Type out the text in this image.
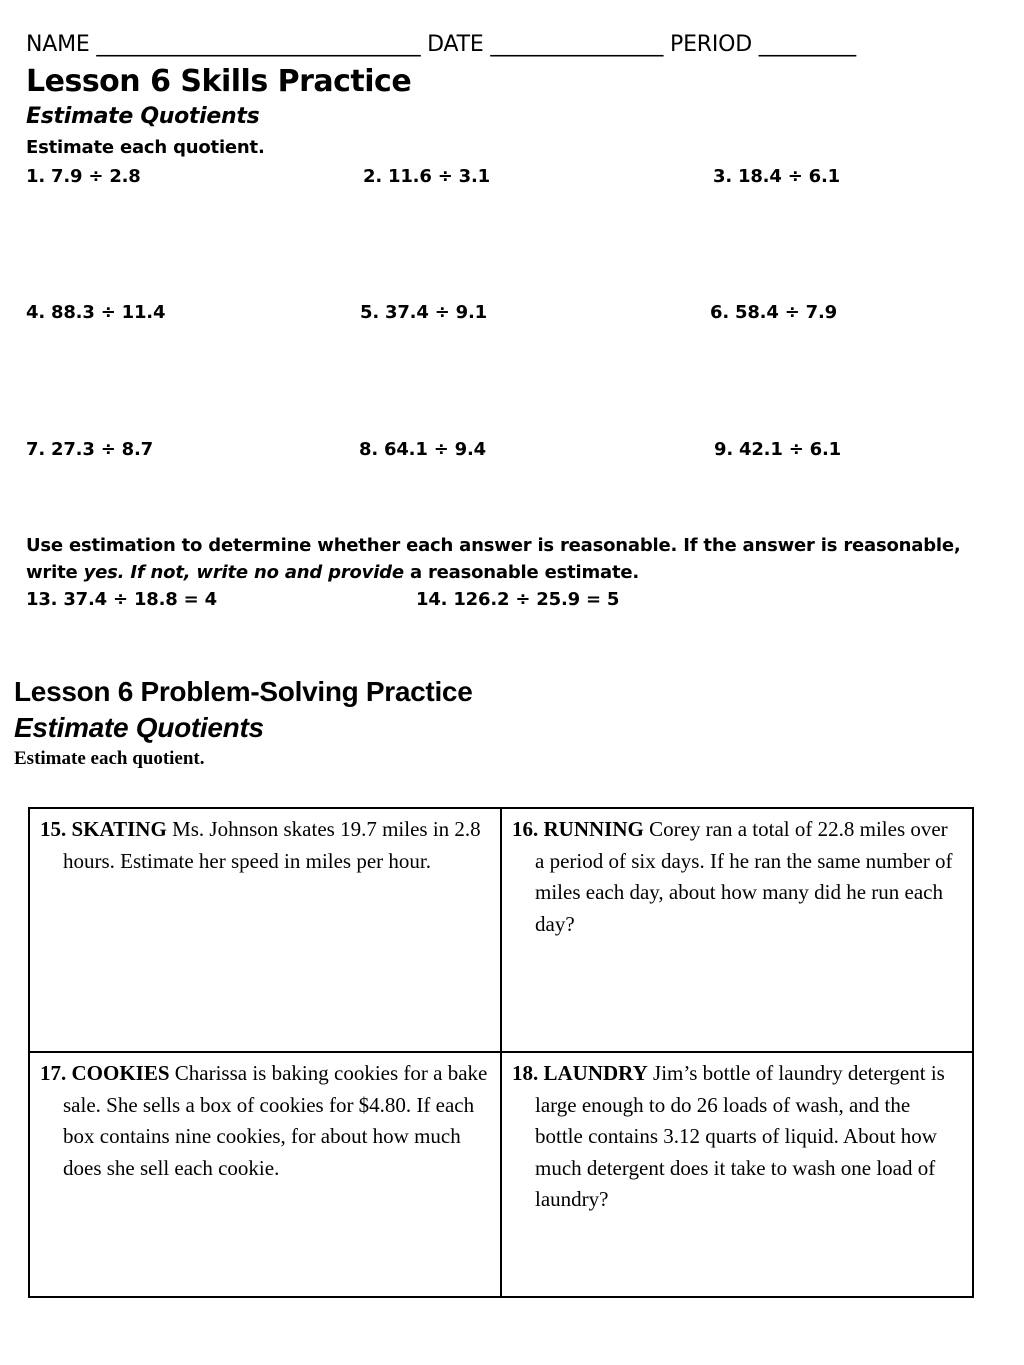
NAME ______________________________ DATE ________________ PERIOD _________
Lesson 6 Skills Practice
Estimate Quotients
Estimate each quotient.
1. 7.9 ÷ 2.8	2. 11.6 ÷ 3.1	3. 18.4 ÷ 6.1
4. 88.3 ÷ 11.4	5. 37.4 ÷ 9.1	6. 58.4 ÷ 7.9
7. 27.3 ÷ 8.7	8. 64.1 ÷ 9.4	9. 42.1 ÷ 6.1
Use estimation to determine whether each answer is reasonable. If the answer is reasonable,
write yes. If not, write no and provide a reasonable estimate.
13. 37.4 ÷ 18.8 = 4	14. 126.2 ÷ 25.9 = 5
Lesson 6 Problem-Solving Practice
Estimate Quotients
Estimate each quotient.

15. SKATING Ms. Johnson skates 19.7 miles in 2.8 hours. Estimate her speed in miles per hour.

16. RUNNING Corey ran a total of 22.8 miles over a period of six days. If he ran the same number of miles each day, about how many did he run each day?

17. COOKIES Charissa is baking cookies for a bake sale. She sells a box of cookies for $4.80. If each box contains nine cookies, for about how much does she sell each cookie.

18. LAUNDRY Jim’s bottle of laundry detergent is large enough to do 26 loads of wash, and the bottle contains 3.12 quarts of liquid. About how much detergent does it take to wash one load of laundry?
